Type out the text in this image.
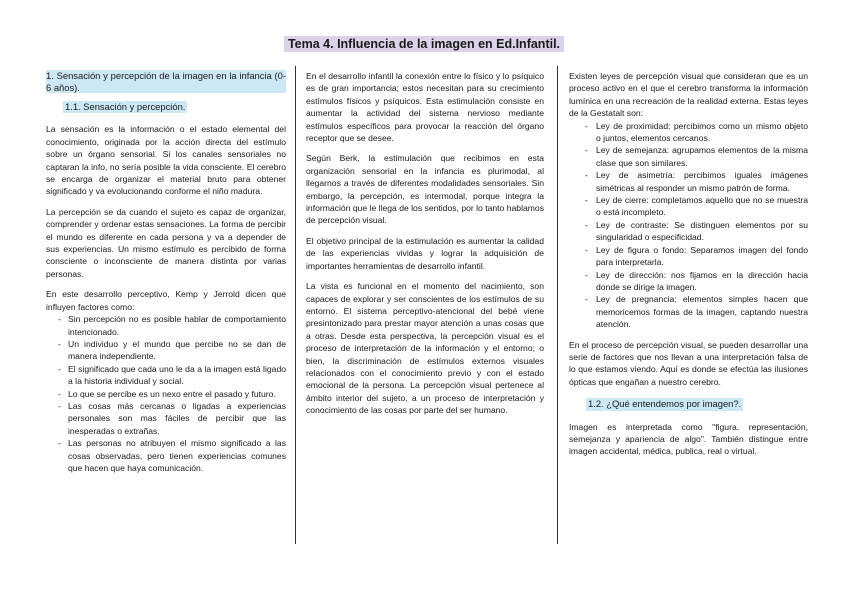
Tema 4. Influencia de la imagen en Ed.Infantil.
1. Sensación y percepción de la imagen en la infancia (0-6 años).
1.1. Sensación y percepción.

La sensación es la información o el estado elemental del conocimiento, originada por la acción directa del estímulo sobre un órgano sensorial. Si los canales sensoriales no captaran la info, no sería posible la vida consciente. El cerebro se encarga de organizar el material bruto para obtener significado y va evolucionando conforme el niño madura.

La percepción se da cuando el sujeto es capaz de organizar, comprender y ordenar estas sensaciones. La forma de percibir el mundo es diferente en cada persona y va a depender de sus experiencias. Un mismo estímulo es percibido de forma consciente o inconsciente de manera distinta por varias personas.

En este desarrollo perceptivo, Kemp y Jerrold dicen que influyen factores como:

- Sin percepción no es posible hablar de comportamiento intencionado.
- Un individuo y el mundo que percibe no se dan de manera independiente.
- El significado que cada uno le da a la imagen está ligado a la historia individual y social.
- Lo que se percibe es un nexo entre el pasado y futuro.
- Las cosas más cercanas o ligadas a experiencias personales son mas fáciles de percibir que las inesperadas o extrañas.
- Las personas no atribuyen el mismo significado a las cosas observadas, pero tienen experiencias comunes que hacen que haya comunicación.

En el desarrollo infantil la conexión entre lo físico y lo psíquico es de gran importancia; estos necesitan para su crecimiento estímulos físicos y psíquicos. Esta estimulación consiste en aumentar la actividad del sistema nervioso mediante estímulos específicos para provocar la reacción del órgano receptor que se desee.

Según Berk, la estimulación que recibimos en esta organización sensorial en la infancia es plurimodal, al llegarnos a través de diferentes modalidades sensoriales. Sin embargo, la percepción, es intermodal, porque integra la información que le llega de los sentidos, por lo tanto hablamos de percepción visual.

El objetivo principal de la estimulación es aumentar la calidad de las experiencias vividas y lograr la adquisición de importantes herramientas de desarrollo infantil.

La vista es funcional en el momento del nacimiento, son capaces de explorar y ser conscientes de los estímulos de su entorno. El sistema perceptivo-atencional del bebé viene presintonizado para prestar mayor atención a unas cosas que a otras. Desde esta perspectiva, la percepción visual es el proceso de interpretación de la información y el entorno; o bien, la discriminación de estímulos externos visuales relacionados con el conocimiento previo y con el estado emocional de la persona. La percepción visual pertenece al ámbito interior del sujeto, a un proceso de interpretación y conocimiento de las cosas por parte del ser humano.

Existen leyes de percepción visual que consideran que es un proceso activo en el que el cerebro transforma la información lumínica en una recreación de la realidad externa. Estas leyes de la Gestatalt son:

- Ley de proximidad: percibimos como un mismo objeto o juntos, elementos cercanos.
- Ley de semejanza: agrupamos elementos de la misma clase que son similares.
- Ley de asimetría: percibimos iguales imágenes simétricas al responder un mismo patrón de forma.
- Ley de cierre: completamos aquello que no se muestra o está incompleto.
- Ley de contraste: Se distinguen elementos por su singularidad o especificidad.
- Ley de figura o fondo: Separamos imagen del fondo para interpretarla.
- Ley de dirección: nos fijamos en la dirección hacia donde se dirige la imagen.
- Ley de pregnancia: elementos simples hacen que memoricemos formas de la imagen, captando nuestra atención.

En el proceso de percepción visual, se pueden desarrollar una serie de factores que nos llevan a una interpretación falsa de lo que estamos viendo. Aquí es donde se efectúa las ilusiones ópticas que engañan a nuestro cerebro.

1.2. ¿Qué entendemos por imagen?.

Imagen es interpretada como "figura, representación, semejanza y apariencia de algo". También distingue entre imagen accidental, médica, publica, real o virtual.
